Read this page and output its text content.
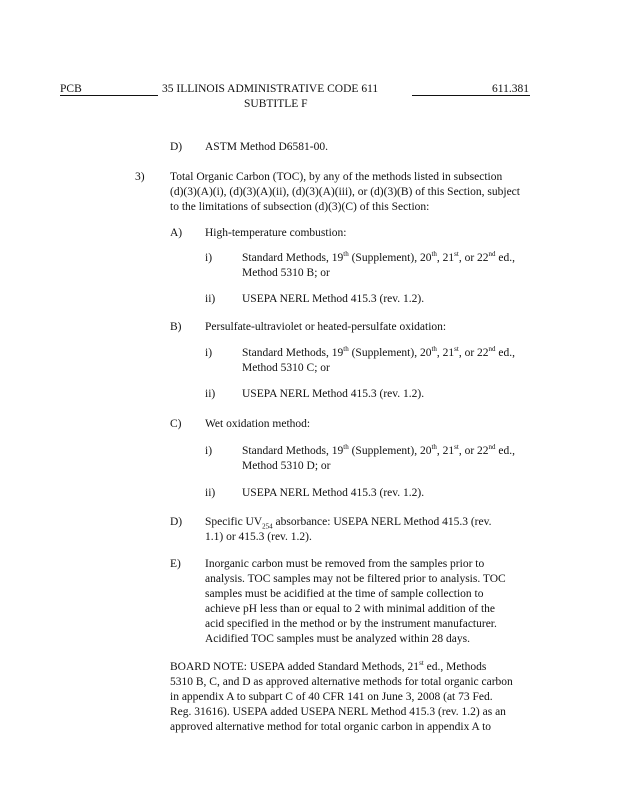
PCB	35 ILLINOIS ADMINISTRATIVE CODE 611	611.381
SUBTITLE F
D) ASTM Method D6581-00.
3) Total Organic Carbon (TOC), by any of the methods listed in subsection
(d)(3)(A)(i), (d)(3)(A)(ii), (d)(3)(A)(iii), or (d)(3)(B) of this Section, subject
to the limitations of subsection (d)(3)(C) of this Section:
A) High-temperature combustion:
i)	Standard Methods, 19th (Supplement), 20th, 21st, or 22nd ed.,
Method 5310 B; or
ii) USEPA NERL Method 415.3 (rev. 1.2).
B) Persulfate-ultraviolet or heated-persulfate oxidation:
i)	Standard Methods, 19th (Supplement), 20th, 21st, or 22nd ed.,
Method 5310 C; or
ii) USEPA NERL Method 415.3 (rev. 1.2).
C) Wet oxidation method:
i)	Standard Methods, 19th (Supplement), 20th, 21st, or 22nd ed.,
Method 5310 D; or
ii) USEPA NERL Method 415.3 (rev. 1.2).
D) Specific $UV_{254}$ absorbance: USEPA NERL Method 415.3 (rev.
1.1) or 415.3 (rev. 1.2).
E) Inorganic carbon must be removed from the samples prior to
analysis. TOC samples may not be filtered prior to analysis. TOC
samples must be acidified at the time of sample collection to
achieve pH less than or equal to 2 with minimal addition of the
acid specified in the method or by the instrument manufacturer.
Acidified TOC samples must be analyzed within 28 days.
BOARD NOTE: USEPA added Standard Methods, 21st ed., Methods
5310 B, C, and D as approved alternative methods for total organic carbon
in appendix A to subpart C of 40 CFR 141 on June 3, 2008 (at 73 Fed.
Reg. 31616). USEPA added USEPA NERL Method 415.3 (rev. 1.2) as an
approved alternative method for total organic carbon in appendix A to
